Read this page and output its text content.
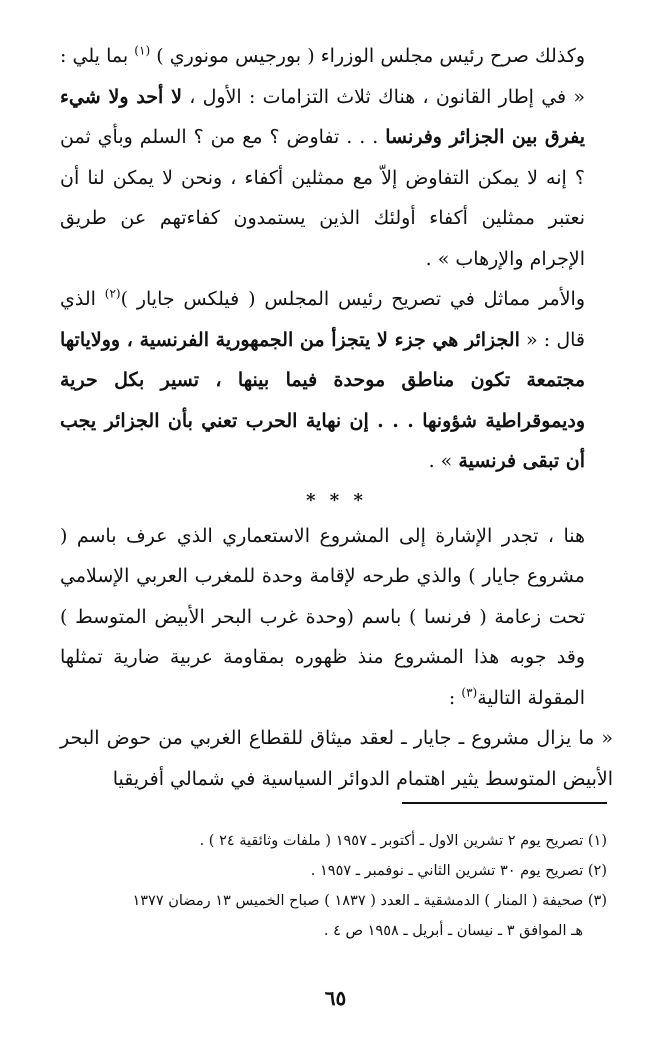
وكذلك صرح رئيس مجلس الوزراء ( بورجيس مونوري ) $^{(١)}$ بما يلي : « في إطار القانون ، هناك ثلاث التزامات : الأول ، لا أحد ولا شيء يفرق بين الجزائر وفرنسا . . . تفاوض ؟ مع من ؟ السلم وبأي ثمن ؟ إنه لا يمكن التفاوض إلاّ مع ممثلين أكفاء ، ونحن لا يمكن لنا أن نعتبر ممثلين أكفاء أولئك الذين يستمدون كفاءتهم عن طريق الإجرام والإرهاب » .

والأمر مماثل في تصريح رئيس المجلس ( فيلكس جايار )$^{(٢)}$ الذي قال : « الجزائر هي جزء لا يتجزأ من الجمهورية الفرنسية ، وولاياتها مجتمعة تكون مناطق موحدة فيما بينها ، تسير بكل حرية وديموقراطية شؤونها . . . إن نهاية الحرب تعني بأن الجزائر يجب أن تبقى فرنسية » .

* * *

هنا ، تجدر الإشارة إلى المشروع الاستعماري الذي عرف باسم ( مشروع جايار ) والذي طرحه لإقامة وحدة للمغرب العربي الإسلامي تحت زعامة ( فرنسا ) باسم (وحدة غرب البحر الأبيض المتوسط ) وقد جوبه هذا المشروع منذ ظهوره بمقاومة عربية ضارية تمثلها المقولة التالية$^{(٣)}$ :

« ما يزال مشروع ـ جايار ـ لعقد ميثاق للقطاع الغربي من حوض البحر الأبيض المتوسط يثير اهتمام الدوائر السياسية في شمالي أفريقيا

(١) تصريح يوم ٢ تشرين الاول ـ أكتوبر ـ ١٩٥٧ ( ملفات وثائقية ٢٤ ) .

(٢) تصريح يوم ٣٠ تشرين الثاني ـ نوفمبر ـ ١٩٥٧ .

(٣) صحيفة ( المنار ) الدمشقية ـ العدد ( ١٨٣٧ ) صباح الخميس ١٣ رمضان ١٣٧٧

هـ الموافق ٣ ـ نيسان ـ أبريل ـ ١٩٥٨ ص ٤ .

٦٥
